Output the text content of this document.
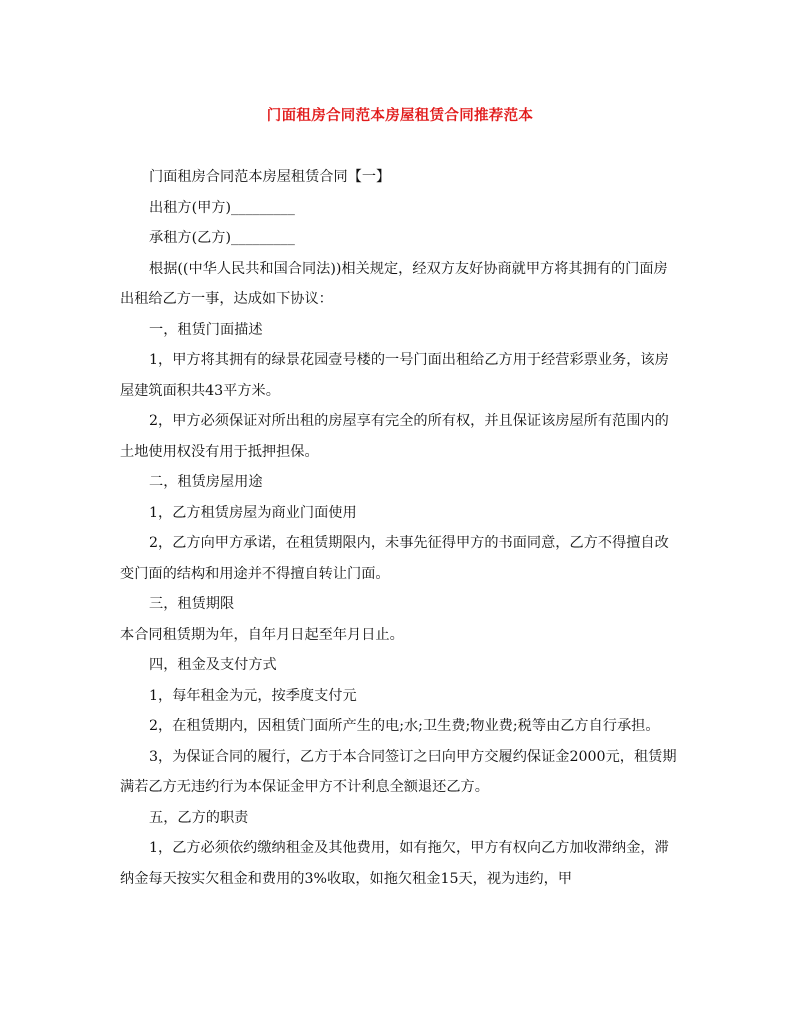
门面租房合同范本房屋租赁合同推荐范本

门面租房合同范本房屋租赁合同【一】

出租方(甲方)_________

承租方(乙方)_________

根据((中华人民共和国合同法))相关规定，经双方友好协商就甲方将其拥有的门面房出租给乙方一事，达成如下协议：

一，租赁门面描述

1，甲方将其拥有的绿景花园壹号楼的一号门面出租给乙方用于经营彩票业务，该房屋建筑面积共43平方米。

2，甲方必须保证对所出租的房屋享有完全的所有权，并且保证该房屋所有范围内的土地使用权没有用于抵押担保。

二，租赁房屋用途

1，乙方租赁房屋为商业门面使用

2，乙方向甲方承诺，在租赁期限内，未事先征得甲方的书面同意，乙方不得擅自改变门面的结构和用途并不得擅自转让门面。

三，租赁期限

本合同租赁期为年，自年月日起至年月日止。

四，租金及支付方式

1，每年租金为元，按季度支付元

2，在租赁期内，因租赁门面所产生的电;水;卫生费;物业费;税等由乙方自行承担。

3，为保证合同的履行，乙方于本合同签订之曰向甲方交履约保证金2000元，租赁期满若乙方无违约行为本保证金甲方不计利息全额退还乙方。

五，乙方的职责

1，乙方必须依约缴纳租金及其他费用，如有拖欠，甲方有权向乙方加收滞纳金，滞纳金每天按实欠租金和费用的3%收取，如拖欠租金15天，视为违约，甲
